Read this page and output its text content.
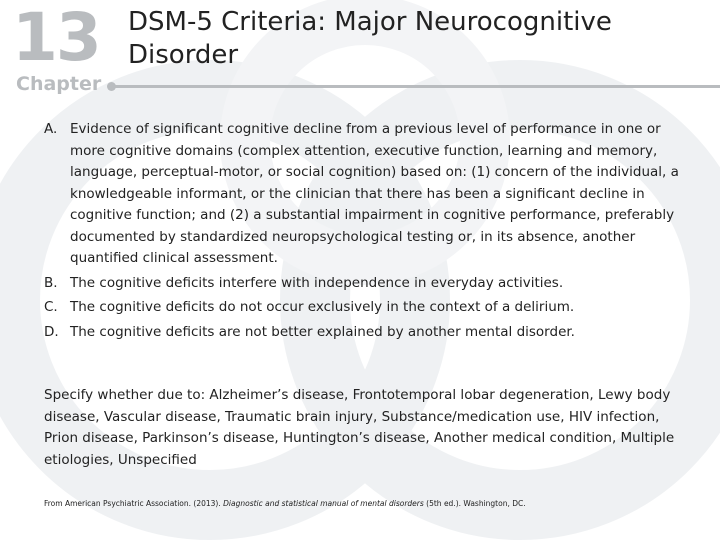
13
Chapter
DSM-5 Criteria: Major Neurocognitive Disorder
A. Evidence of significant cognitive decline from a previous level of performance in one or more cognitive domains (complex attention, executive function, learning and memory, language, perceptual-motor, or social cognition) based on: (1) concern of the individual, a knowledgeable informant, or the clinician that there has been a significant decline in cognitive function; and (2) a substantial impairment in cognitive performance, preferably documented by standardized neuropsychological testing or, in its absence, another quantified clinical assessment.
B. The cognitive deficits interfere with independence in everyday activities.
C. The cognitive deficits do not occur exclusively in the context of a delirium.
D. The cognitive deficits are not better explained by another mental disorder.
Specify whether due to: Alzheimer’s disease, Frontotemporal lobar degeneration, Lewy body disease, Vascular disease, Traumatic brain injury, Substance/medication use, HIV infection, Prion disease, Parkinson’s disease, Huntington’s disease, Another medical condition, Multiple etiologies, Unspecified
From American Psychiatric Association. (2013). Diagnostic and statistical manual of mental disorders (5th ed.). Washington, DC.
